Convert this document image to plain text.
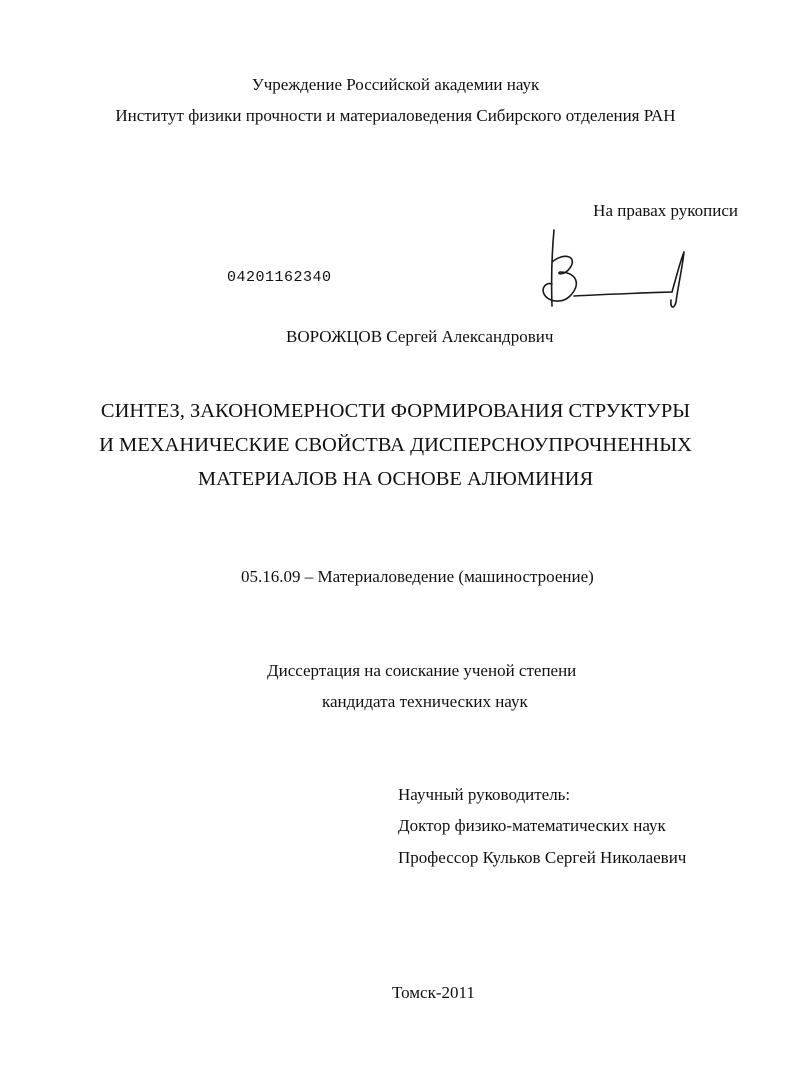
Учреждение Российской академии наук
Институт физики прочности и материаловедения Сибирского отделения РАН
На правах рукописи
04201162340
ВОРОЖЦОВ Сергей Александрович
СИНТЕЗ, ЗАКОНОМЕРНОСТИ ФОРМИРОВАНИЯ СТРУКТУРЫ
И МЕХАНИЧЕСКИЕ СВОЙСТВА ДИСПЕРСНОУПРОЧНЕННЫХ
МАТЕРИАЛОВ НА ОСНОВЕ АЛЮМИНИЯ
05.16.09 – Материаловедение (машиностроение)
Диссертация на соискание ученой степени
кандидата технических наук
Научный руководитель:
Доктор физико-математических наук
Профессор Кульков Сергей Николаевич
Томск-2011
